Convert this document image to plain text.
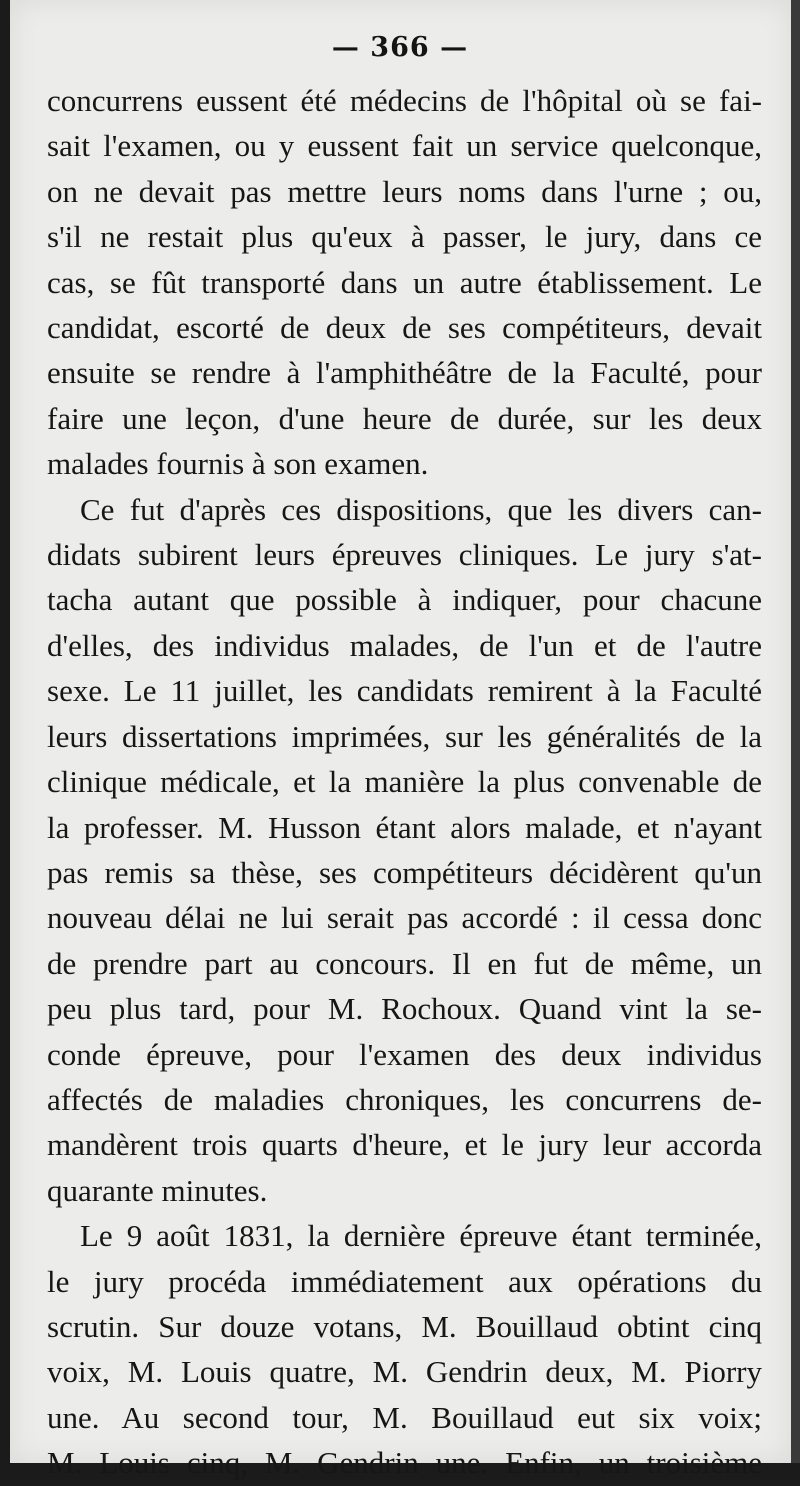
— 366 —
concurrens eussent été médecins de l'hôpital où se fai-
sait l'examen, ou y eussent fait un service quelconque,
on ne devait pas mettre leurs noms dans l'urne ; ou,
s'il ne restait plus qu'eux à passer, le jury, dans ce
cas, se fût transporté dans un autre établissement. Le
candidat, escorté de deux de ses compétiteurs, devait
ensuite se rendre à l'amphithéâtre de la Faculté, pour
faire une leçon, d'une heure de durée, sur les deux
malades fournis à son examen.
Ce fut d'après ces dispositions, que les divers can-
didats subirent leurs épreuves cliniques. Le jury s'at-
tacha autant que possible à indiquer, pour chacune
d'elles, des individus malades, de l'un et de l'autre
sexe. Le 11 juillet, les candidats remirent à la Faculté
leurs dissertations imprimées, sur les généralités de la
clinique médicale, et la manière la plus convenable de
la professer. M. Husson étant alors malade, et n'ayant
pas remis sa thèse, ses compétiteurs décidèrent qu'un
nouveau délai ne lui serait pas accordé : il cessa donc
de prendre part au concours. Il en fut de même, un
peu plus tard, pour M. Rochoux. Quand vint la se-
conde épreuve, pour l'examen des deux individus
affectés de maladies chroniques, les concurrens de-
mandèrent trois quarts d'heure, et le jury leur accorda
quarante minutes.
Le 9 août 1831, la dernière épreuve étant terminée,
le jury procéda immédiatement aux opérations du
scrutin. Sur douze votans, M. Bouillaud obtint cinq
voix, M. Louis quatre, M. Gendrin deux, M. Piorry
une. Au second tour, M. Bouillaud eut six voix;
M. Louis cinq, M. Gendrin une. Enfin, un troisième
